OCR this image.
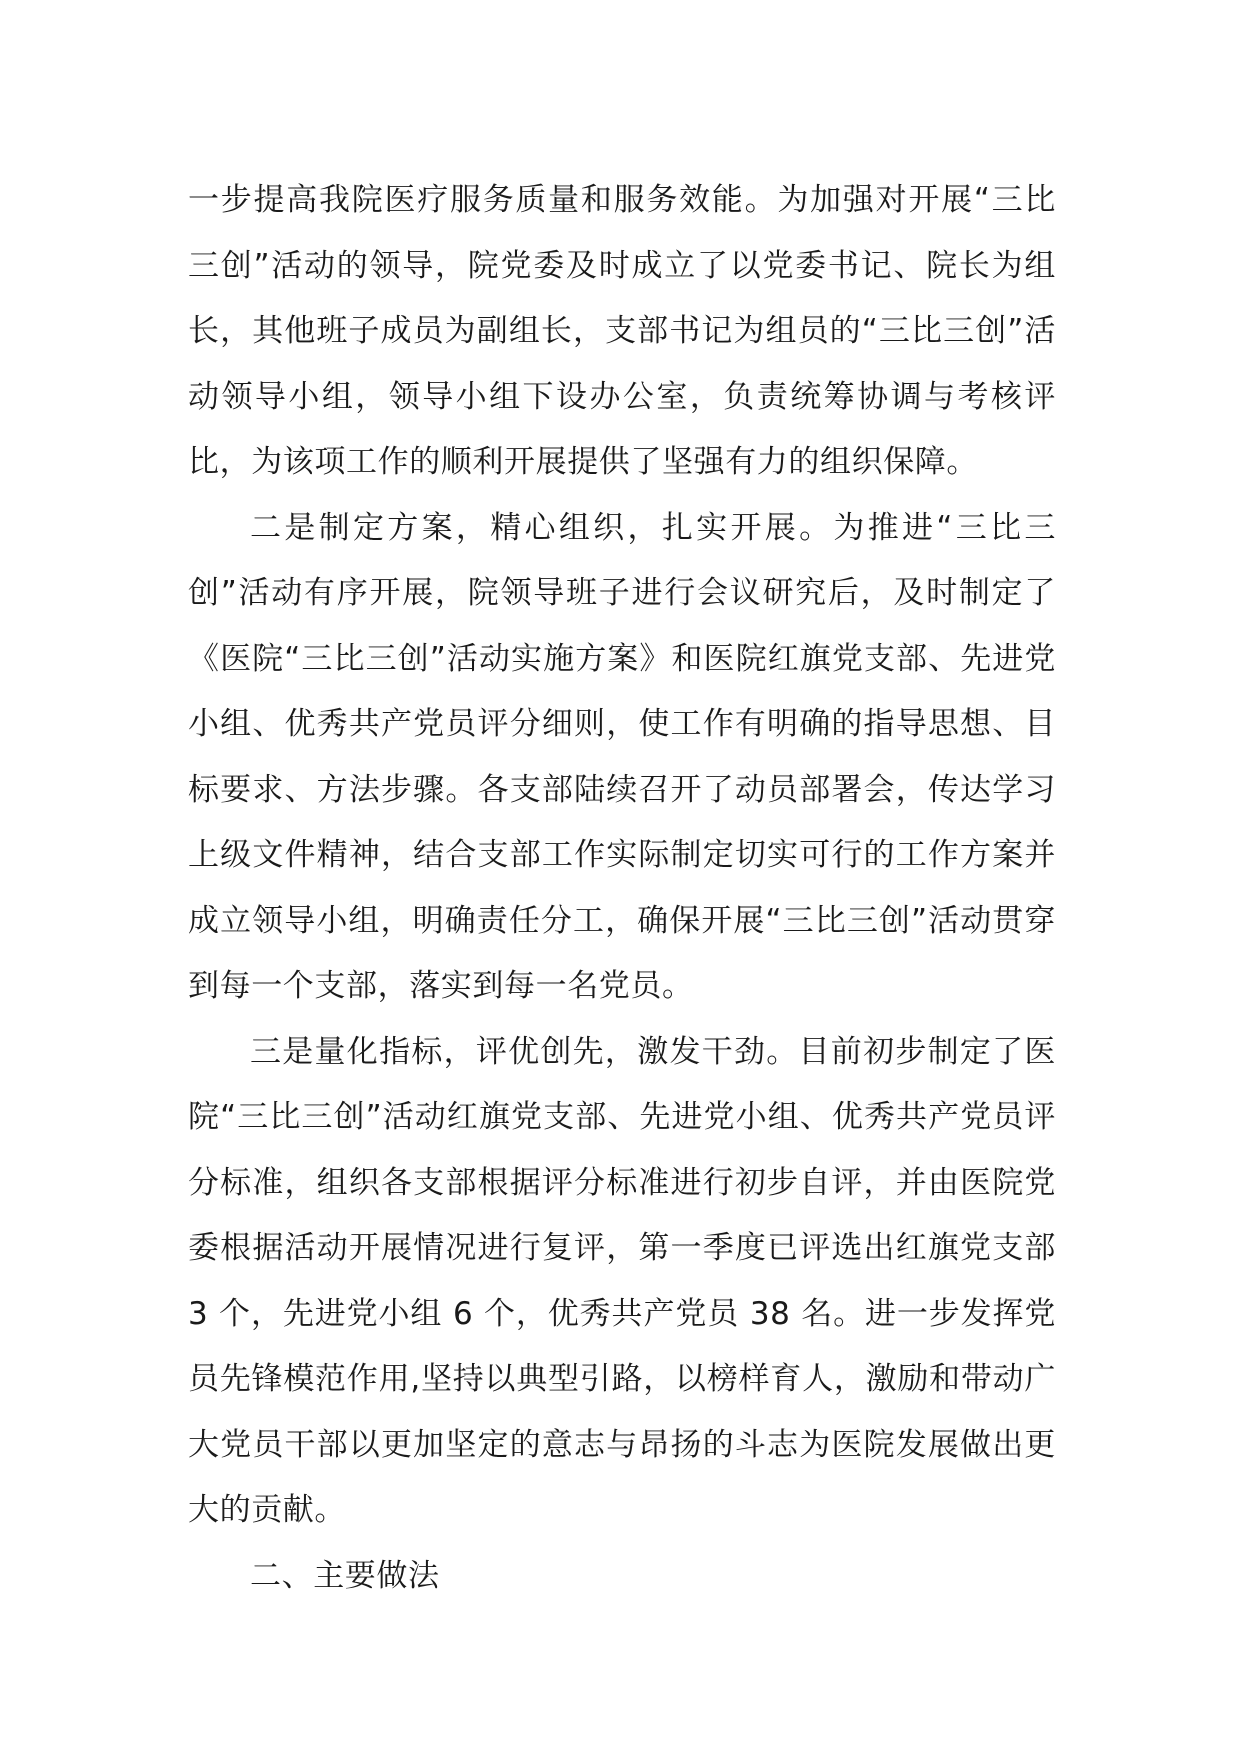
一步提高我院医疗服务质量和服务效能。为加强对开展“三比三创”活动的领导，院党委及时成立了以党委书记、院长为组长，其他班子成员为副组长，支部书记为组员的“三比三创”活动领导小组，领导小组下设办公室，负责统筹协调与考核评比，为该项工作的顺利开展提供了坚强有力的组织保障。

二是制定方案，精心组织，扎实开展。为推进“三比三创”活动有序开展，院领导班子进行会议研究后，及时制定了《医院“三比三创”活动实施方案》和医院红旗党支部、先进党小组、优秀共产党员评分细则，使工作有明确的指导思想、目标要求、方法步骤。各支部陆续召开了动员部署会，传达学习上级文件精神，结合支部工作实际制定切实可行的工作方案并成立领导小组，明确责任分工，确保开展“三比三创”活动贯穿到每一个支部，落实到每一名党员。

三是量化指标，评优创先，激发干劲。目前初步制定了医院“三比三创”活动红旗党支部、先进党小组、优秀共产党员评分标准，组织各支部根据评分标准进行初步自评，并由医院党委根据活动开展情况进行复评，第一季度已评选出红旗党支部 3 个，先进党小组 6 个，优秀共产党员 38 名。进一步发挥党员先锋模范作用,坚持以典型引路，以榜样育人，激励和带动广大党员干部以更加坚定的意志与昂扬的斗志为医院发展做出更大的贡献。

二、主要做法
